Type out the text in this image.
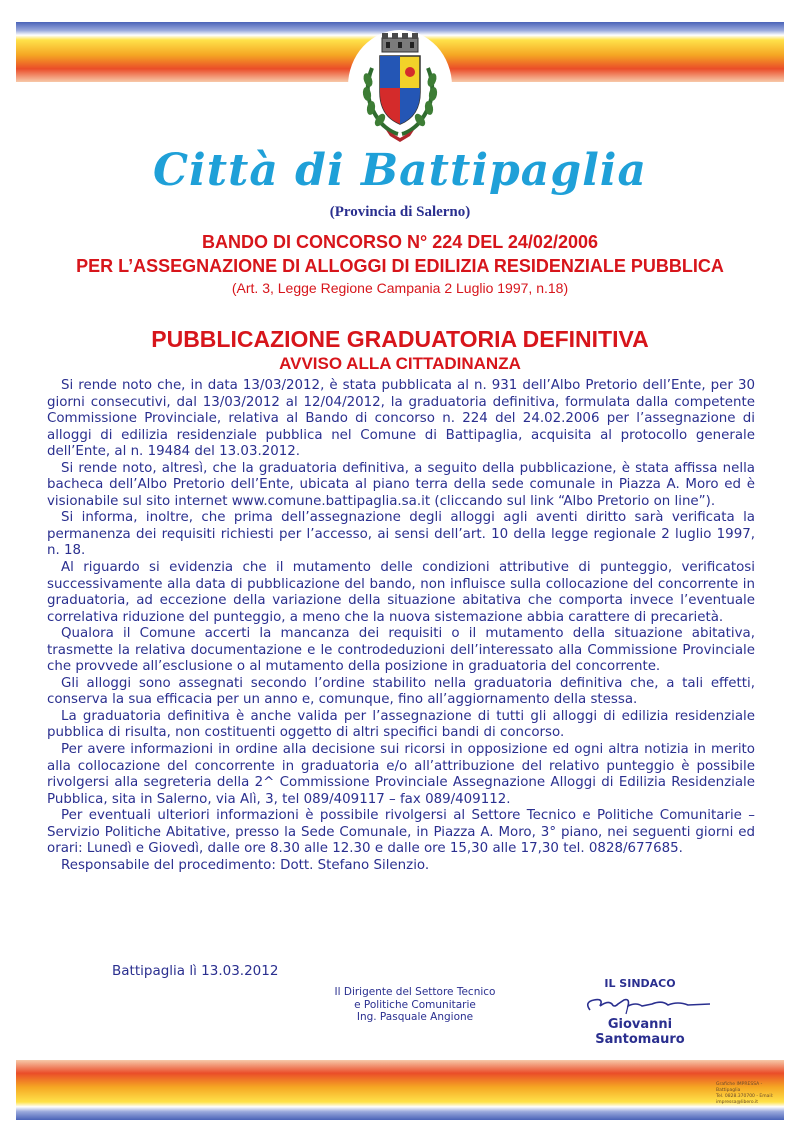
Città di Battipaglia
(Provincia di Salerno)
BANDO DI CONCORSO N° 224 DEL 24/02/2006
PER L’ASSEGNAZIONE DI ALLOGGI DI EDILIZIA RESIDENZIALE PUBBLICA
(Art. 3, Legge Regione Campania 2 Luglio 1997, n.18)
PUBBLICAZIONE GRADUATORIA DEFINITIVA
AVVISO ALLA CITTADINANZA

Si rende noto che, in data 13/03/2012, è stata pubblicata al n. 931 dell’Albo Pretorio dell’Ente, per 30 giorni consecutivi, dal 13/03/2012 al 12/04/2012, la graduatoria definitiva, formulata dalla competente Commissione Provinciale, relativa al Bando di concorso n. 224 del 24.02.2006 per l’assegnazione di alloggi di edilizia residenziale pubblica nel Comune di Battipaglia, acquisita al protocollo generale dell’Ente, al n. 19484 del 13.03.2012.

Si rende noto, altresì, che la graduatoria definitiva, a seguito della pubblicazione, è stata affissa nella bacheca dell’Albo Pretorio dell’Ente, ubicata al piano terra della sede comunale in Piazza A. Moro ed è visionabile sul sito internet www.comune.battipaglia.sa.it (cliccando sul link “Albo Pretorio on line”).

Si informa, inoltre, che prima dell’assegnazione degli alloggi agli aventi diritto sarà verificata la permanenza dei requisiti richiesti per l’accesso, ai sensi dell’art. 10 della legge regionale 2 luglio 1997, n. 18.

Al riguardo si evidenzia che il mutamento delle condizioni attributive di punteggio, verificatosi successivamente alla data di pubblicazione del bando, non influisce sulla collocazione del concorrente in graduatoria, ad eccezione della variazione della situazione abitativa che comporta invece l’eventuale correlativa riduzione del punteggio, a meno che la nuova sistemazione abbia carattere di precarietà.

Qualora il Comune accerti la mancanza dei requisiti o il mutamento della situazione abitativa, trasmette la relativa documentazione e le controdeduzioni dell’interessato alla Commissione Provinciale che provvede all’esclusione o al mutamento della posizione in graduatoria del concorrente.

Gli alloggi sono assegnati secondo l’ordine stabilito nella graduatoria definitiva che, a tali effetti, conserva la sua efficacia per un anno e, comunque, fino all’aggiornamento della stessa.

La graduatoria definitiva è anche valida per l’assegnazione di tutti gli alloggi di edilizia residenziale pubblica di risulta, non costituenti oggetto di altri specifici bandi di concorso.

Per avere informazioni in ordine alla decisione sui ricorsi in opposizione ed ogni altra notizia in merito alla collocazione del concorrente in graduatoria e/o all’attribuzione del relativo punteggio è possibile rivolgersi alla segreteria della 2^ Commissione Provinciale Assegnazione Alloggi di Edilizia Residenziale Pubblica, sita in Salerno, via Alì, 3, tel 089/409117 – fax 089/409112.

Per eventuali ulteriori informazioni è possibile rivolgersi al Settore Tecnico e Politiche Comunitarie – Servizio Politiche Abitative, presso la Sede Comunale, in Piazza A. Moro, 3° piano, nei seguenti giorni ed orari: Lunedì e Giovedì, dalle ore 8.30 alle 12.30 e dalle ore 15,30 alle 17,30 tel. 0828/677685.

Responsabile del procedimento: Dott. Stefano Silenzio.

Battipaglia lì 13.03.2012
Il Dirigente del Settore Tecnico
e Politiche Comunitarie
Ing. Pasquale Angione
IL SINDACO
Giovanni Santomauro
Grafiche IMPRESSA - Battipaglia
Tel. 0828.370700 - Email: impressa@libero.it
